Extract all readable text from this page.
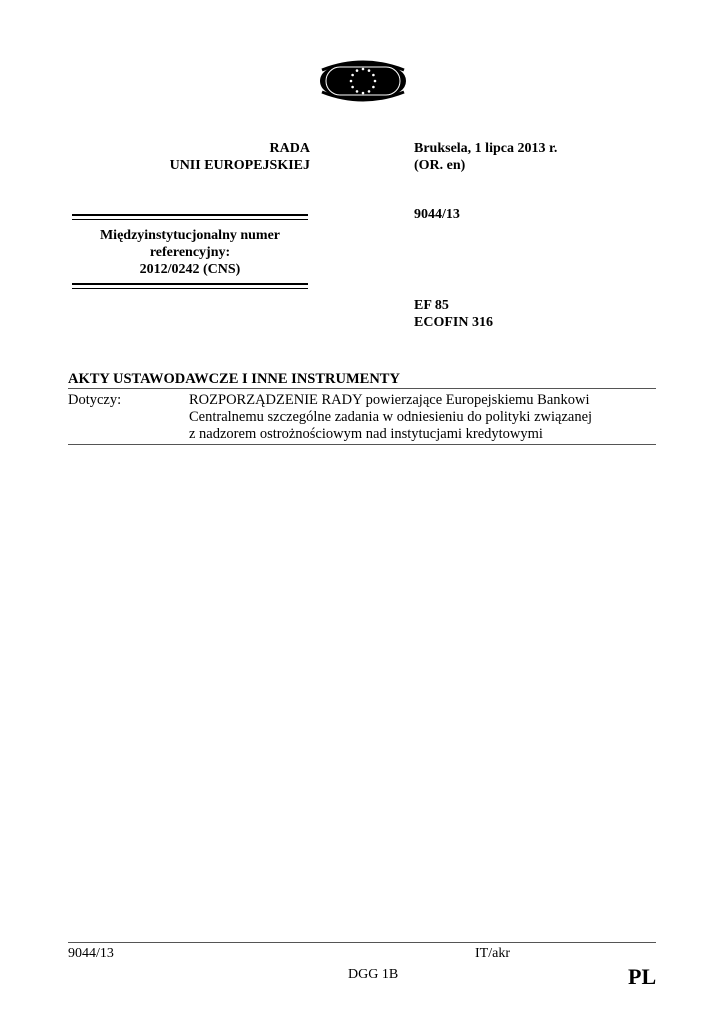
RADA
UNII EUROPEJSKIEJ
Bruksela, 1 lipca 2013 r.
(OR. en)
Międzyinstytucjonalny numer
referencyjny:
2012/0242 (CNS)
9044/13
EF 85
ECOFIN 316
AKTY USTAWODAWCZE I INNE INSTRUMENTY
Dotyczy:	ROZPORZĄDZENIE RADY powierzające Europejskiemu Bankowi
Centralnemu szczególne zadania w odniesieniu do polityki związanej
z nadzorem ostrożnościowym nad instytucjami kredytowymi
9044/13	IT/akr
DGG 1B	PL
